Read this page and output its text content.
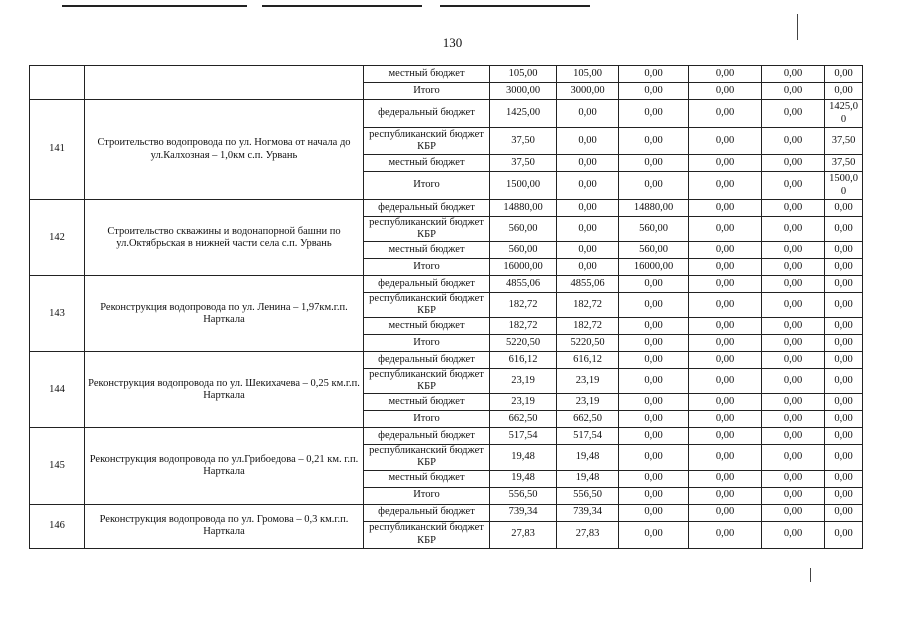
130
		местный бюджет	105,00	105,00	0,00	0,00	0,00	0,00
		Итого	3000,00	3000,00	0,00	0,00	0,00	0,00
141	Строительство водопровода по ул. Ногмова от начала до ул.Калхозная – 1,0км с.п. Урвань	федеральный бюджет	1425,00	0,00	0,00	0,00	0,00	1425,0 0
		республиканский бюджет КБР	37,50	0,00	0,00	0,00	0,00	37,50
		местный бюджет	37,50	0,00	0,00	0,00	0,00	37,50
		Итого	1500,00	0,00	0,00	0,00	0,00	1500,0 0
142	Строительство скважины и водонапорной башни по ул.Октябрьская в нижней части села с.п. Урвань	федеральный бюджет	14880,00	0,00	14880,00	0,00	0,00	0,00
		республиканский бюджет КБР	560,00	0,00	560,00	0,00	0,00	0,00
		местный бюджет	560,00	0,00	560,00	0,00	0,00	0,00
		Итого	16000,00	0,00	16000,00	0,00	0,00	0,00
143	Реконструкция водопровода по ул. Ленина – 1,97км.г.п. Нарткала	федеральный бюджет	4855,06	4855,06	0,00	0,00	0,00	0,00
		республиканский бюджет КБР	182,72	182,72	0,00	0,00	0,00	0,00
		местный бюджет	182,72	182,72	0,00	0,00	0,00	0,00
		Итого	5220,50	5220,50	0,00	0,00	0,00	0,00
144	Реконструкция водопровода по ул. Шекихачева – 0,25 км.г.п. Нарткала	федеральный бюджет	616,12	616,12	0,00	0,00	0,00	0,00
		республиканский бюджет КБР	23,19	23,19	0,00	0,00	0,00	0,00
		местный бюджет	23,19	23,19	0,00	0,00	0,00	0,00
		Итого	662,50	662,50	0,00	0,00	0,00	0,00
145	Реконструкция водопровода по ул.Грибоедова – 0,21 км. г.п. Нарткала	федеральный бюджет	517,54	517,54	0,00	0,00	0,00	0,00
		республиканский бюджет КБР	19,48	19,48	0,00	0,00	0,00	0,00
		местный бюджет	19,48	19,48	0,00	0,00	0,00	0,00
		Итого	556,50	556,50	0,00	0,00	0,00	0,00
146	Реконструкция водопровода по ул. Громова – 0,3 км.г.п. Нарткала	федеральный бюджет	739,34	739,34	0,00	0,00	0,00	0,00
		республиканский бюджет КБР	27,83	27,83	0,00	0,00	0,00	0,00
